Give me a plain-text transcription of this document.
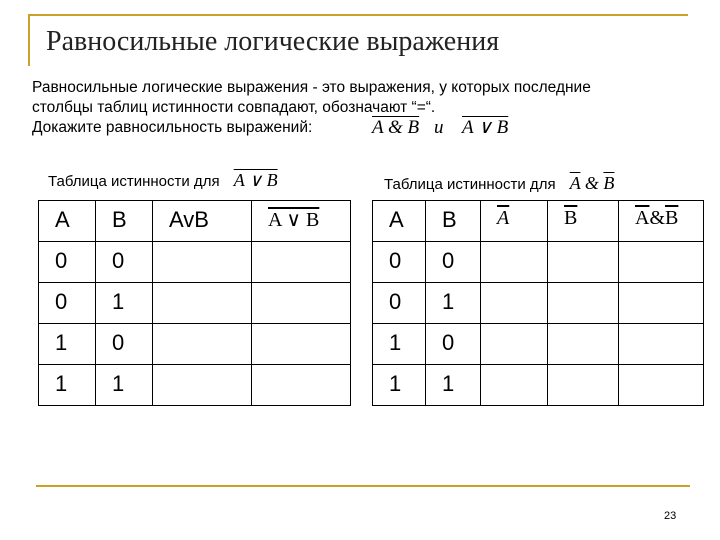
Равносильные логические выражения
Равносильные логические выражения - это выражения, у которых последние
столбцы таблиц истинности совпадают, обозначают “=“.
Докажите равносильность выражений:	A & B и A ∨ B
Таблица истинности для A ∨ B	Таблица истинности для $\overline{A}$ & $\overline{B}$
A	B	AvB	A ∨ B

0	0		

0	1		

1	0		

1	1		

A	B	$\overline{A}$	$\overline{B}$	$\overline{A}\&\overline{B}$

0	0			

0	1			

1	0			

1	1			

23
